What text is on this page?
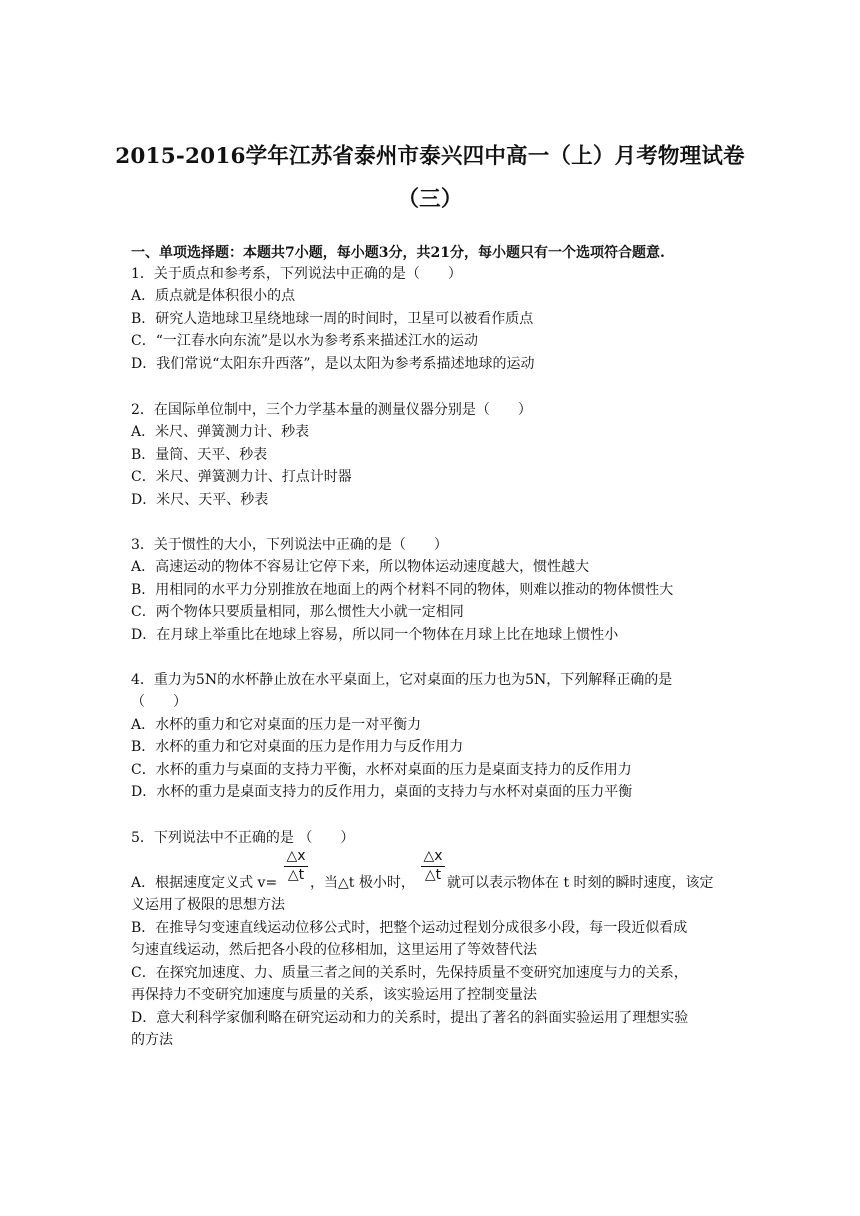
2015-2016学年江苏省泰州市泰兴四中高一（上）月考物理试卷
（三）
一、单项选择题：本题共7小题，每小题3分，共21分，每小题只有一个选项符合题意.
1．关于质点和参考系，下列说法中正确的是（　　）
A．质点就是体积很小的点
B．研究人造地球卫星绕地球一周的时间时，卫星可以被看作质点
C．“一江春水向东流”是以水为参考系来描述江水的运动
D．我们常说“太阳东升西落”，是以太阳为参考系描述地球的运动
2．在国际单位制中，三个力学基本量的测量仪器分别是（　　）
A．米尺、弹簧测力计、秒表
B．量筒、天平、秒表
C．米尺、弹簧测力计、打点计时器
D．米尺、天平、秒表
3．关于惯性的大小，下列说法中正确的是（　　）
A．高速运动的物体不容易让它停下来，所以物体运动速度越大，惯性越大
B．用相同的水平力分别推放在地面上的两个材料不同的物体，则难以推动的物体惯性大
C．两个物体只要质量相同，那么惯性大小就一定相同
D．在月球上举重比在地球上容易，所以同一个物体在月球上比在地球上惯性小
4．重力为5N的水杯静止放在水平桌面上，它对桌面的压力也为5N，下列解释正确的是
（　　）
A．水杯的重力和它对桌面的压力是一对平衡力
B．水杯的重力和它对桌面的压力是作用力与反作用力
C．水杯的重力与桌面的支持力平衡，水杯对桌面的压力是桌面支持力的反作用力
D．水杯的重力是桌面支持力的反作用力，桌面的支持力与水杯对桌面的压力平衡
5．下列说法中不正确的是 （　　）
A．根据速度定义式 v=
△x
△t ，当△t 极小时，
△x
△t 就可以表示物体在 t 时刻的瞬时速度，该定
义运用了极限的思想方法
B．在推导匀变速直线运动位移公式时，把整个运动过程划分成很多小段，每一段近似看成
匀速直线运动，然后把各小段的位移相加，这里运用了等效替代法
C．在探究加速度、力、质量三者之间的关系时，先保持质量不变研究加速度与力的关系，
再保持力不变研究加速度与质量的关系，该实验运用了控制变量法
D．意大利科学家伽利略在研究运动和力的关系时，提出了著名的斜面实验运用了理想实验
的方法
